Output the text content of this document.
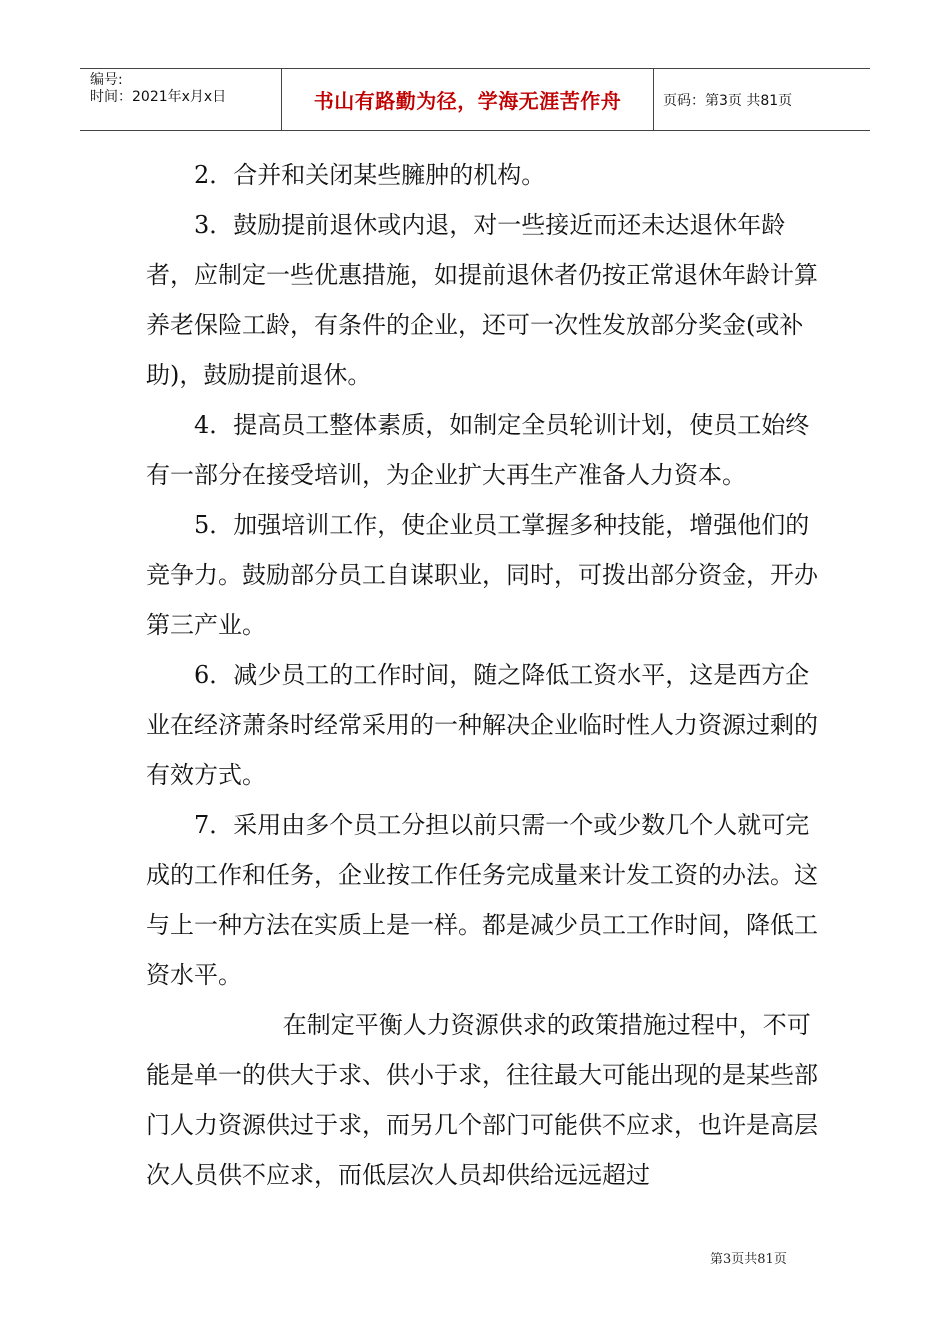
编号:
时间：2021年x月x日	书山有路勤为径，学海无涯苦作舟	页码：第3页 共81页

2．合并和关闭某些臃肿的机构。

3．鼓励提前退休或内退，对一些接近而还未达退休年龄者，应制定一些优惠措施，如提前退休者仍按正常退休年龄计算养老保险工龄，有条件的企业，还可一次性发放部分奖金(或补助)，鼓励提前退休。

4．提高员工整体素质，如制定全员轮训计划，使员工始终有一部分在接受培训，为企业扩大再生产准备人力资本。

5．加强培训工作，使企业员工掌握多种技能，增强他们的竞争力。鼓励部分员工自谋职业，同时，可拨出部分资金，开办第三产业。

6．减少员工的工作时间，随之降低工资水平，这是西方企业在经济萧条时经常采用的一种解决企业临时性人力资源过剩的有效方式。

7．采用由多个员工分担以前只需一个或少数几个人就可完成的工作和任务，企业按工作任务完成量来计发工资的办法。这与上一种方法在实质上是一样。都是减少员工工作时间，降低工资水平。

在制定平衡人力资源供求的政策措施过程中，不可能是单一的供大于求、供小于求，往往最大可能出现的是某些部门人力资源供过于求，而另几个部门可能供不应求，也许是高层次人员供不应求，而低层次人员却供给远远超过

第3页共81页
